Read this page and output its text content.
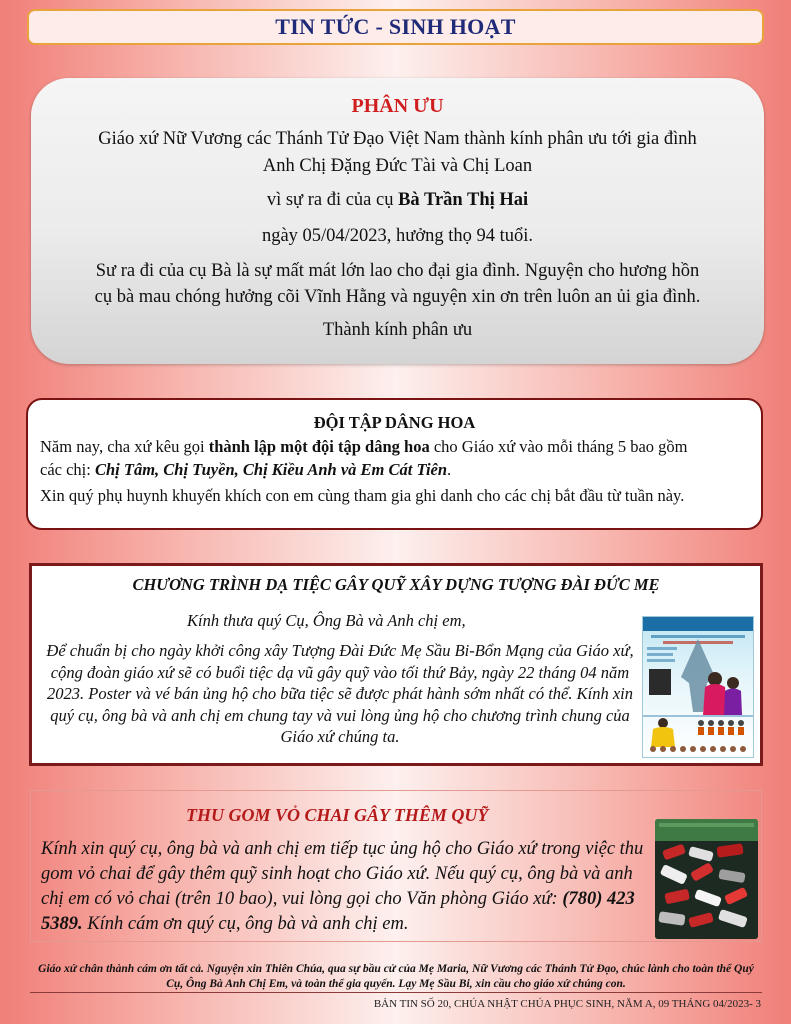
TIN TỨC - SINH HOẠT
PHÂN ƯU
Giáo xứ Nữ Vương các Thánh Tử Đạo Việt Nam thành kính phân ưu tới gia đình
Anh Chị Đặng Đức Tài và Chị Loan
vì sự ra đi của cụ Bà Trần Thị Hai
ngày 05/04/2023, hưởng thọ 94 tuổi.
Sư ra đi của cụ Bà là sự mất mát lớn lao cho đại gia đình. Nguyện cho hương hồn
cụ bà mau chóng hưởng cõi Vĩnh Hằng và nguyện xin ơn trên luôn an ủi gia đình.
Thành kính phân ưu
ĐỘI TẬP DÂNG HOA
Năm nay, cha xứ kêu gọi thành lập một đội tập dâng hoa cho Giáo xứ vào mỗi tháng 5 bao gồm
các chị: Chị Tâm, Chị Tuyền, Chị Kiều Anh và Em Cát Tiên.
Xin quý phụ huynh khuyến khích con em cùng tham gia ghi danh cho các chị bắt đầu từ tuần này.
CHƯƠNG TRÌNH DẠ TIỆC GÂY QUỸ XÂY DỰNG TƯỢNG ĐÀI ĐỨC MẸ
Kính thưa quý Cụ, Ông Bà và Anh chị em,
Để chuẩn bị cho ngày khởi công xây Tượng Đài Đức Mẹ Sầu Bi-Bổn Mạng của Giáo xứ, cộng đoàn giáo xứ sẽ có buổi tiệc dạ vũ gây quỹ vào tối thứ Bảy, ngày 22 tháng 04 năm 2023. Poster và vé bán ủng hộ cho bữa tiệc sẽ được phát hành sớm nhất có thể. Kính xin quý cụ, ông bà và anh chị em chung tay và vui lòng ủng hộ cho chương trình chung của Giáo xứ chúng ta.
THU GOM VỎ CHAI GÂY THÊM QUỸ
Kính xin quý cụ, ông bà và anh chị em tiếp tục ủng hộ cho Giáo xứ trong việc thu gom vỏ chai để gây thêm quỹ sinh hoạt cho Giáo xứ. Nếu quý cụ, ông bà và anh chị em có vỏ chai (trên 10 bao), vui lòng gọi cho Văn phòng Giáo xứ: (780) 423 5389. Kính cám ơn quý cụ, ông bà và anh chị em.
Giáo xứ chân thành cám ơn tất cả. Nguyện xin Thiên Chúa, qua sự bầu cử của Mẹ Maria, Nữ Vương các Thánh Tử Đạo, chúc lành cho toàn thể Quý Cụ, Ông Bà Anh Chị Em, và toàn thể gia quyến. Lạy Mẹ Sầu Bi, xin cầu cho giáo xứ chúng con.
BẢN TIN SỐ 20, CHÚA NHẬT CHÚA PHỤC SINH, NĂM A, 09 THÁNG 04/2023- 3
